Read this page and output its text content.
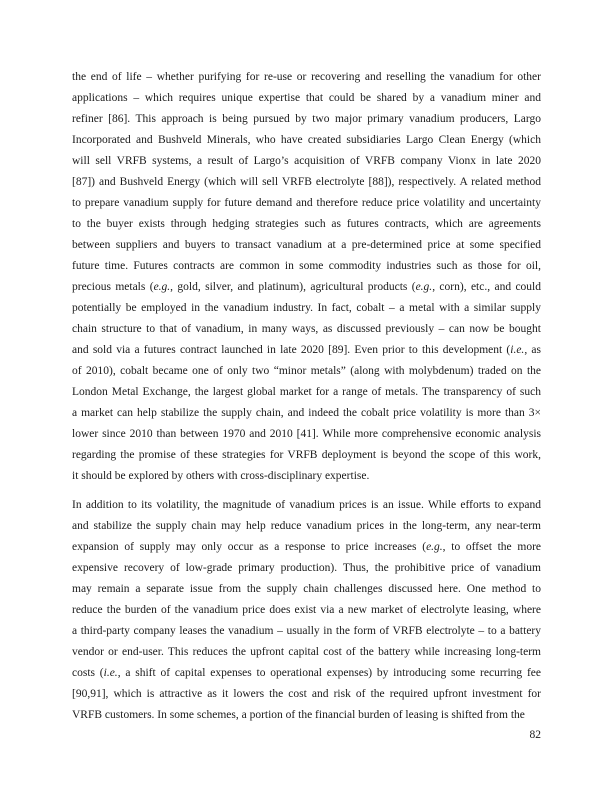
the end of life – whether purifying for re-use or recovering and reselling the vanadium for other
applications – which requires unique expertise that could be shared by a vanadium miner and
refiner [86]. This approach is being pursued by two major primary vanadium producers, Largo
Incorporated and Bushveld Minerals, who have created subsidiaries Largo Clean Energy (which
will sell VRFB systems, a result of Largo’s acquisition of VRFB company Vionx in late 2020
[87]) and Bushveld Energy (which will sell VRFB electrolyte [88]), respectively. A related method
to prepare vanadium supply for future demand and therefore reduce price volatility and uncertainty
to the buyer exists through hedging strategies such as futures contracts, which are agreements
between suppliers and buyers to transact vanadium at a pre-determined price at some specified
future time. Futures contracts are common in some commodity industries such as those for oil,
precious metals (e.g., gold, silver, and platinum), agricultural products (e.g., corn), etc., and could
potentially be employed in the vanadium industry. In fact, cobalt – a metal with a similar supply
chain structure to that of vanadium, in many ways, as discussed previously – can now be bought
and sold via a futures contract launched in late 2020 [89]. Even prior to this development (i.e., as
of 2010), cobalt became one of only two “minor metals” (along with molybdenum) traded on the
London Metal Exchange, the largest global market for a range of metals. The transparency of such
a market can help stabilize the supply chain, and indeed the cobalt price volatility is more than 3×
lower since 2010 than between 1970 and 2010 [41]. While more comprehensive economic analysis
regarding the promise of these strategies for VRFB deployment is beyond the scope of this work,
it should be explored by others with cross-disciplinary expertise.

In addition to its volatility, the magnitude of vanadium prices is an issue. While efforts to expand
and stabilize the supply chain may help reduce vanadium prices in the long-term, any near-term
expansion of supply may only occur as a response to price increases (e.g., to offset the more
expensive recovery of low-grade primary production). Thus, the prohibitive price of vanadium
may remain a separate issue from the supply chain challenges discussed here. One method to
reduce the burden of the vanadium price does exist via a new market of electrolyte leasing, where
a third-party company leases the vanadium – usually in the form of VRFB electrolyte – to a battery
vendor or end-user. This reduces the upfront capital cost of the battery while increasing long-term
costs (i.e., a shift of capital expenses to operational expenses) by introducing some recurring fee
[90,91], which is attractive as it lowers the cost and risk of the required upfront investment for
VRFB customers. In some schemes, a portion of the financial burden of leasing is shifted from the

82
